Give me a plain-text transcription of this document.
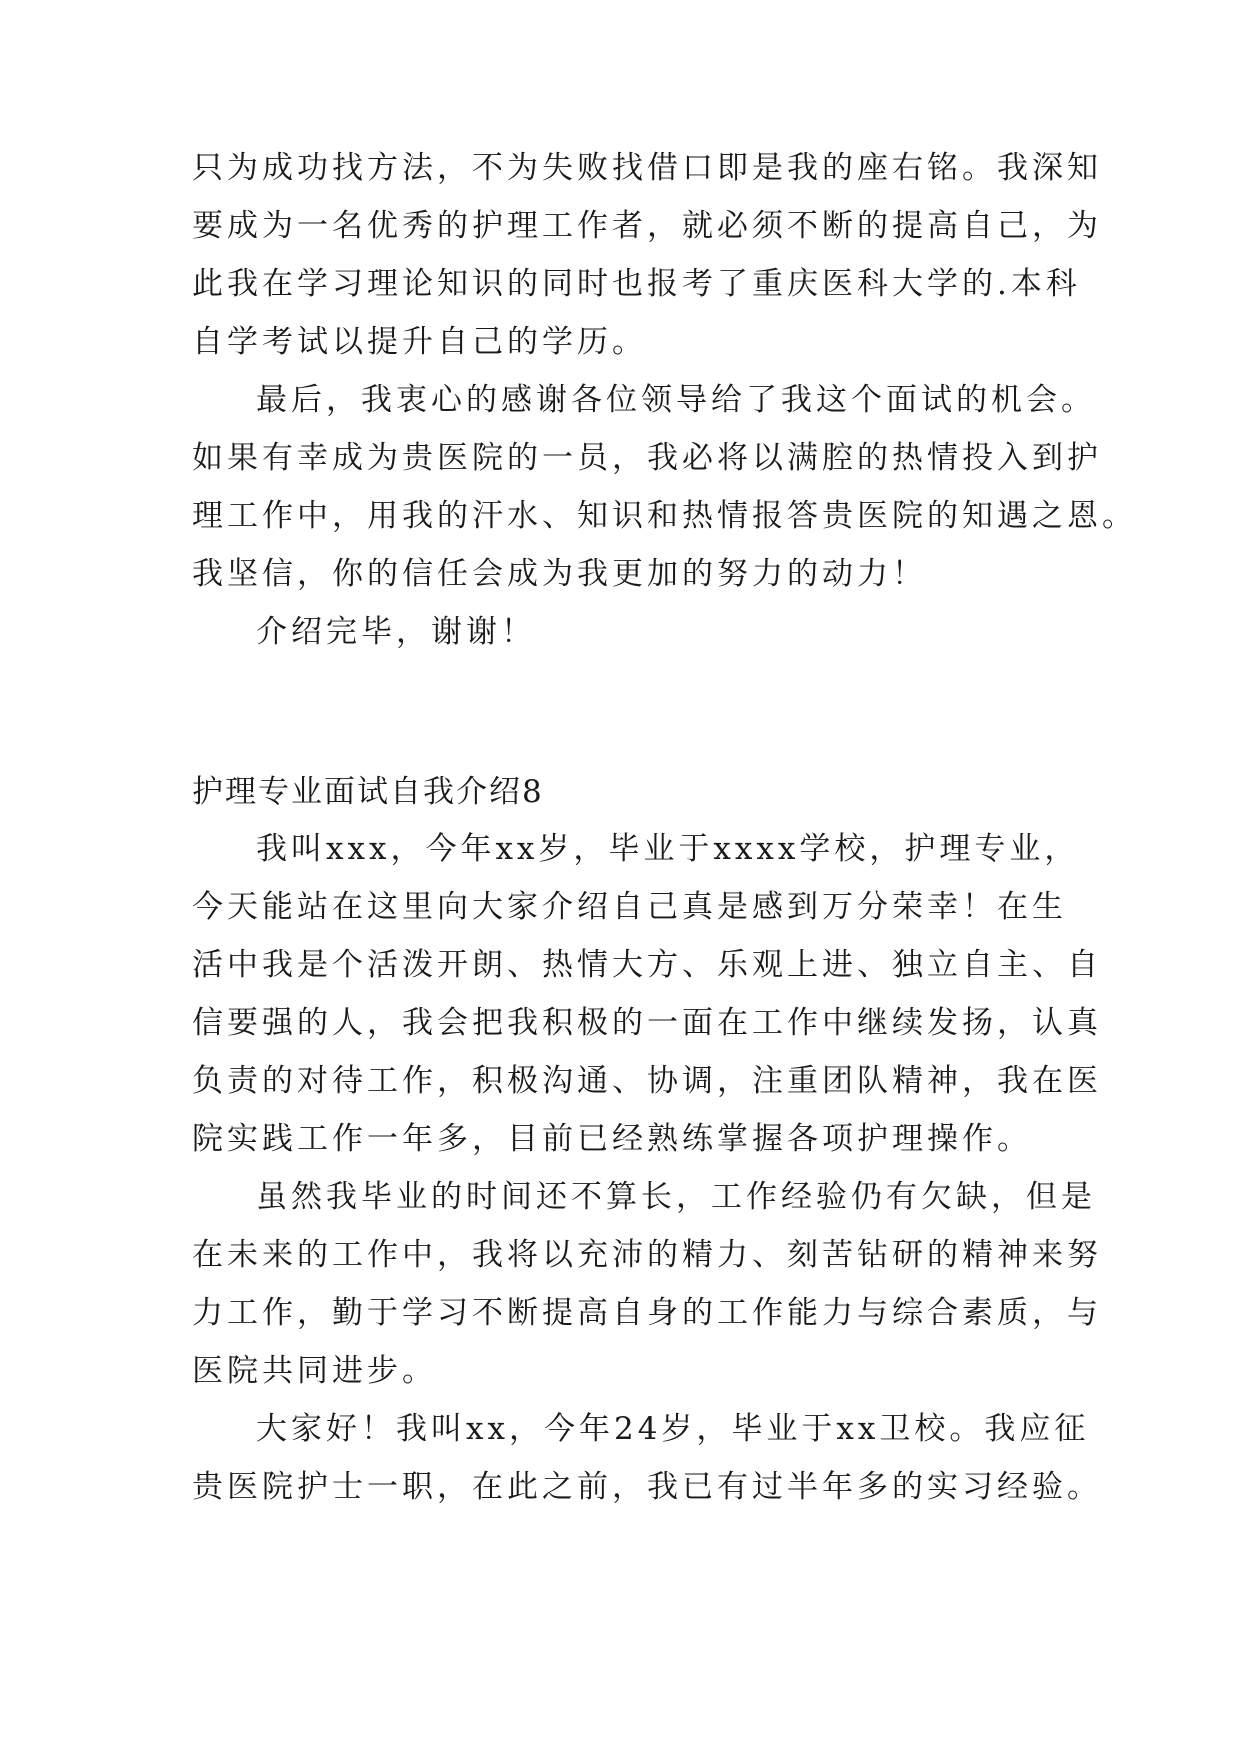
只为成功找方法，不为失败找借口即是我的座右铭。我深知
要成为一名优秀的护理工作者，就必须不断的提高自己，为
此我在学习理论知识的同时也报考了重庆医科大学的.本科
自学考试以提升自己的学历。
最后，我衷心的感谢各位领导给了我这个面试的机会。
如果有幸成为贵医院的一员，我必将以满腔的热情投入到护
理工作中，用我的汗水、知识和热情报答贵医院的知遇之恩。
我坚信，你的信任会成为我更加的努力的动力！
介绍完毕，谢谢！
护理专业面试自我介绍8
我叫xxx，今年xx岁，毕业于xxxx学校，护理专业，
今天能站在这里向大家介绍自己真是感到万分荣幸！在生
活中我是个活泼开朗、热情大方、乐观上进、独立自主、自
信要强的人，我会把我积极的一面在工作中继续发扬，认真
负责的对待工作，积极沟通、协调，注重团队精神，我在医
院实践工作一年多，目前已经熟练掌握各项护理操作。
虽然我毕业的时间还不算长，工作经验仍有欠缺，但是
在未来的工作中，我将以充沛的精力、刻苦钻研的精神来努
力工作，勤于学习不断提高自身的工作能力与综合素质，与
医院共同进步。
大家好！我叫xx，今年24岁，毕业于xx卫校。我应征
贵医院护士一职，在此之前，我已有过半年多的实习经验。
